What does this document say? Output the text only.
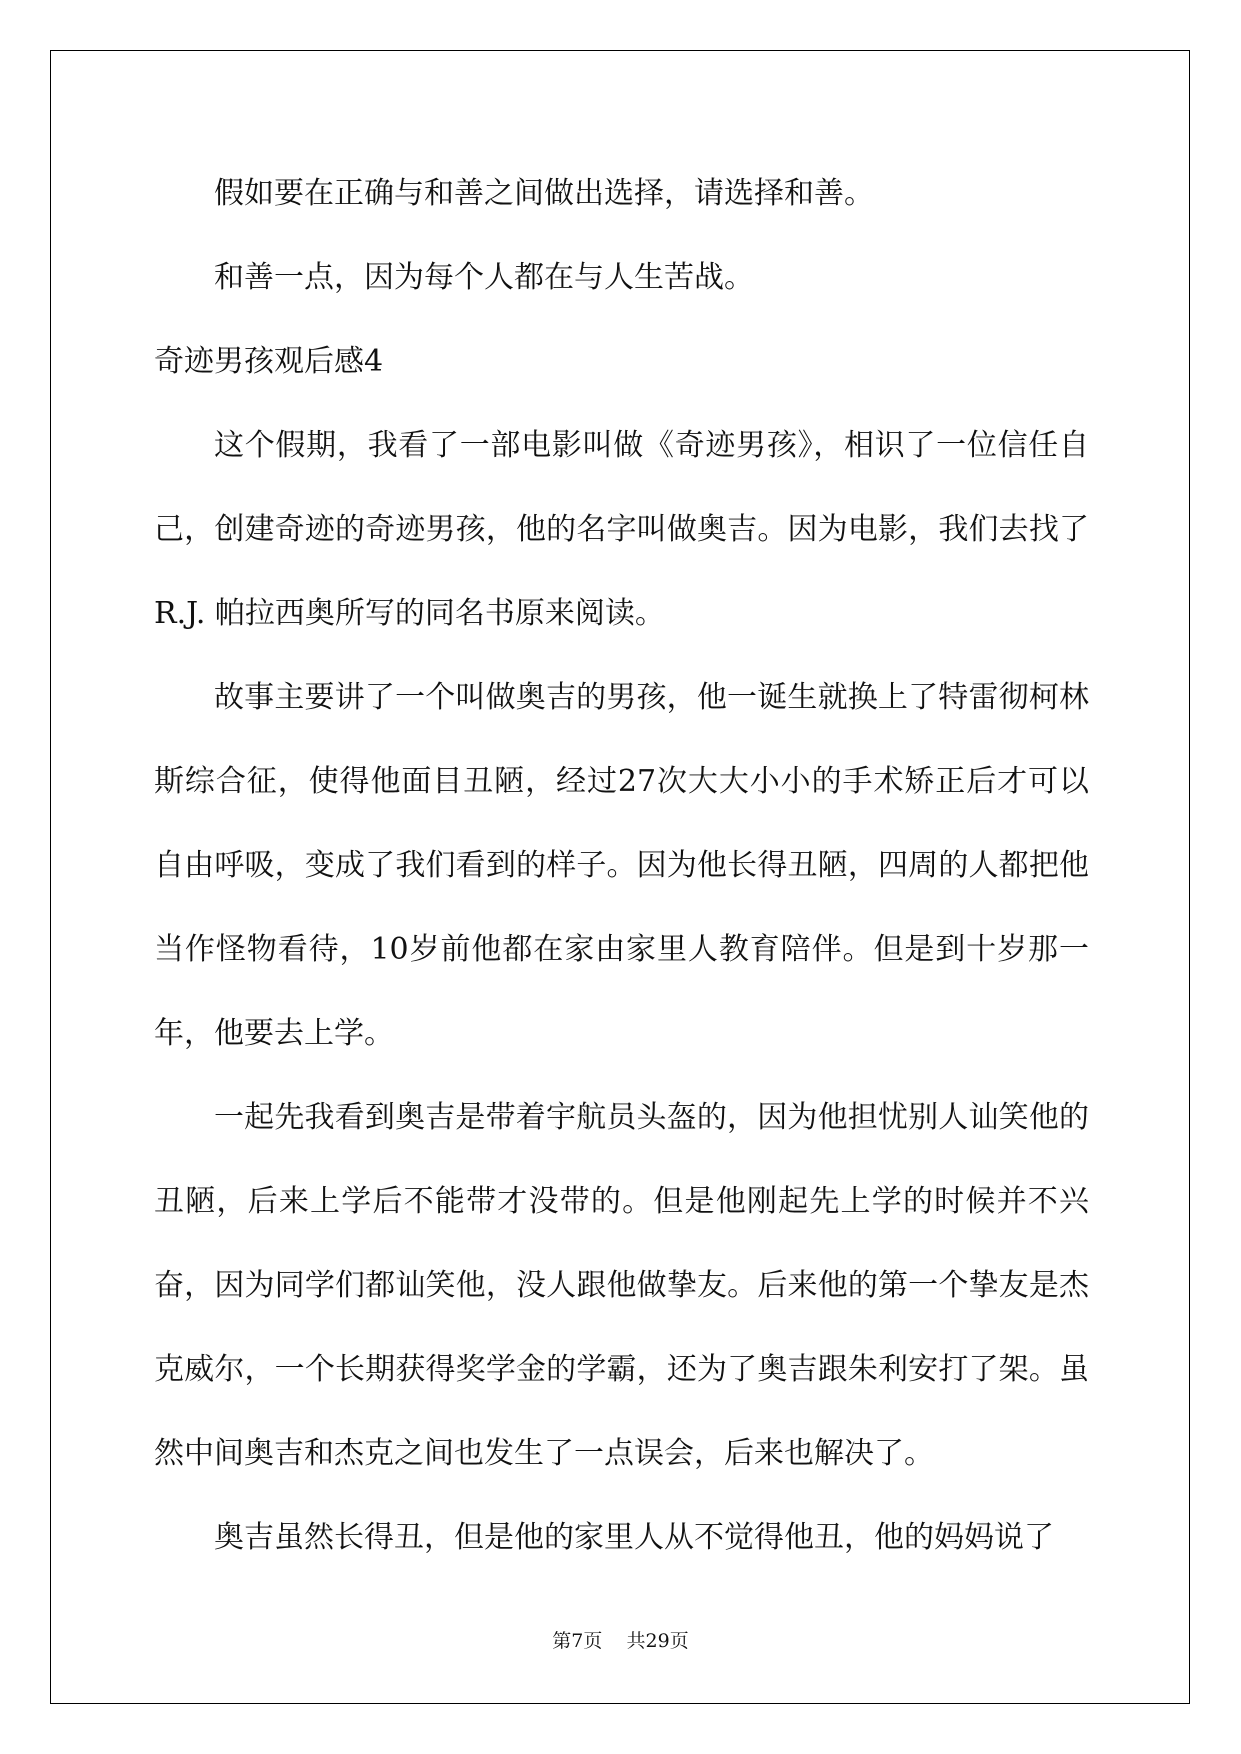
假如要在正确与和善之间做出选择，请选择和善。

和善一点，因为每个人都在与人生苦战。

奇迹男孩观后感4

这个假期，我看了一部电影叫做《奇迹男孩》，相识了一位信任自己，创建奇迹的奇迹男孩，他的名字叫做奥吉。因为电影，我们去找了R.J. 帕拉西奥所写的同名书原来阅读。

故事主要讲了一个叫做奥吉的男孩，他一诞生就换上了特雷彻柯林斯综合征，使得他面目丑陋，经过27次大大小小的手术矫正后才可以自由呼吸，变成了我们看到的样子。因为他长得丑陋，四周的人都把他当作怪物看待，10岁前他都在家由家里人教育陪伴。但是到十岁那一年，他要去上学。

一起先我看到奥吉是带着宇航员头盔的，因为他担忧别人讪笑他的丑陋，后来上学后不能带才没带的。但是他刚起先上学的时候并不兴奋，因为同学们都讪笑他，没人跟他做挚友。后来他的第一个挚友是杰克威尔，一个长期获得奖学金的学霸，还为了奥吉跟朱利安打了架。虽然中间奥吉和杰克之间也发生了一点误会，后来也解决了。

奥吉虽然长得丑，但是他的家里人从不觉得他丑，他的妈妈说了

第7页 共29页
